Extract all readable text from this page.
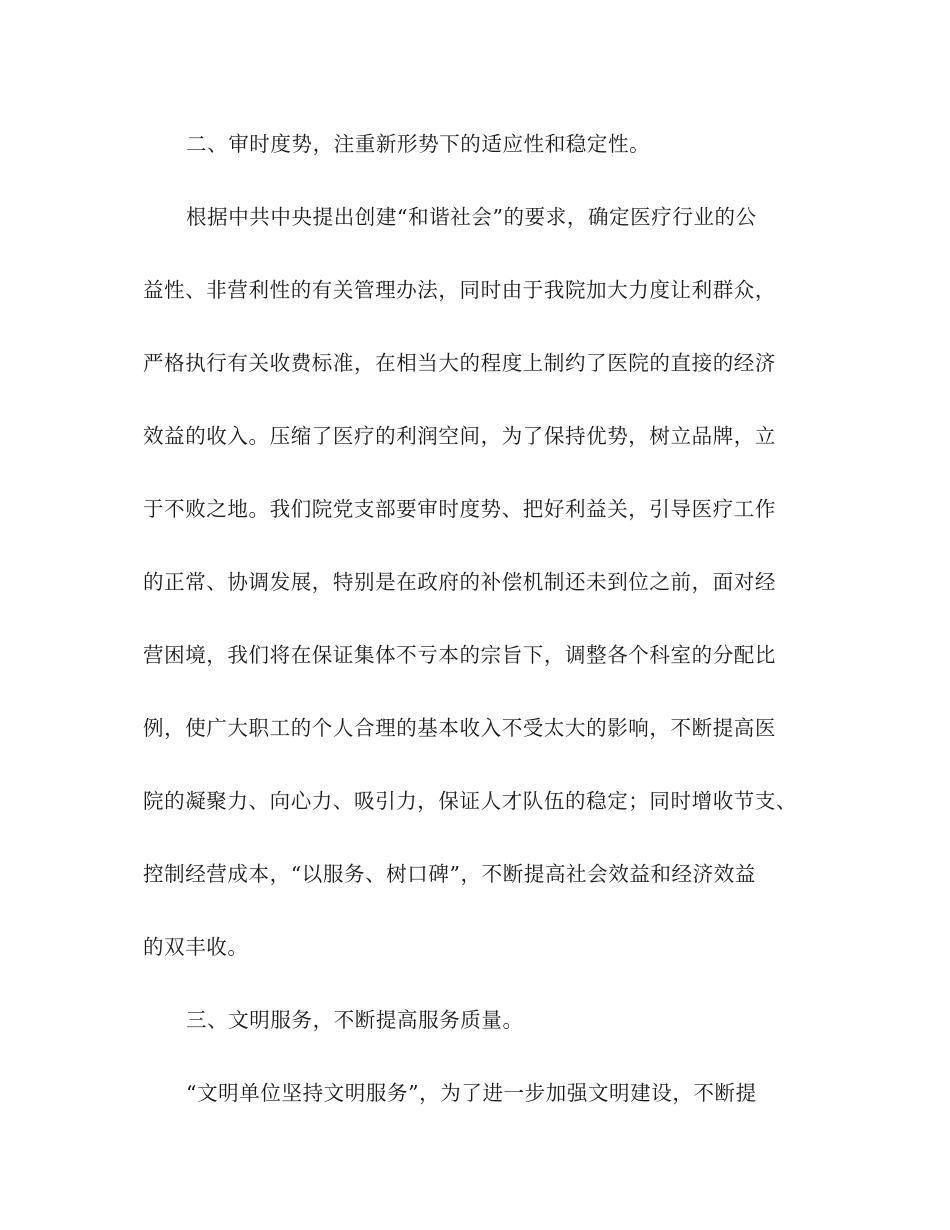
二、审时度势，注重新形势下的适应性和稳定性。
根据中共中央提出创建“和谐社会”的要求，确定医疗行业的公
益性、非营利性的有关管理办法，同时由于我院加大力度让利群众，
严格执行有关收费标准，在相当大的程度上制约了医院的直接的经济
效益的收入。压缩了医疗的利润空间，为了保持优势，树立品牌，立
于不败之地。我们院党支部要审时度势、把好利益关，引导医疗工作
的正常、协调发展，特别是在政府的补偿机制还未到位之前，面对经
营困境，我们将在保证集体不亏本的宗旨下，调整各个科室的分配比
例，使广大职工的个人合理的基本收入不受太大的影响，不断提高医
院的凝聚力、向心力、吸引力，保证人才队伍的稳定；同时增收节支、
控制经营成本，“以服务、树口碑”，不断提高社会效益和经济效益
的双丰收。
三、文明服务，不断提高服务质量。
“文明单位坚持文明服务”，为了进一步加强文明建设，不断提
